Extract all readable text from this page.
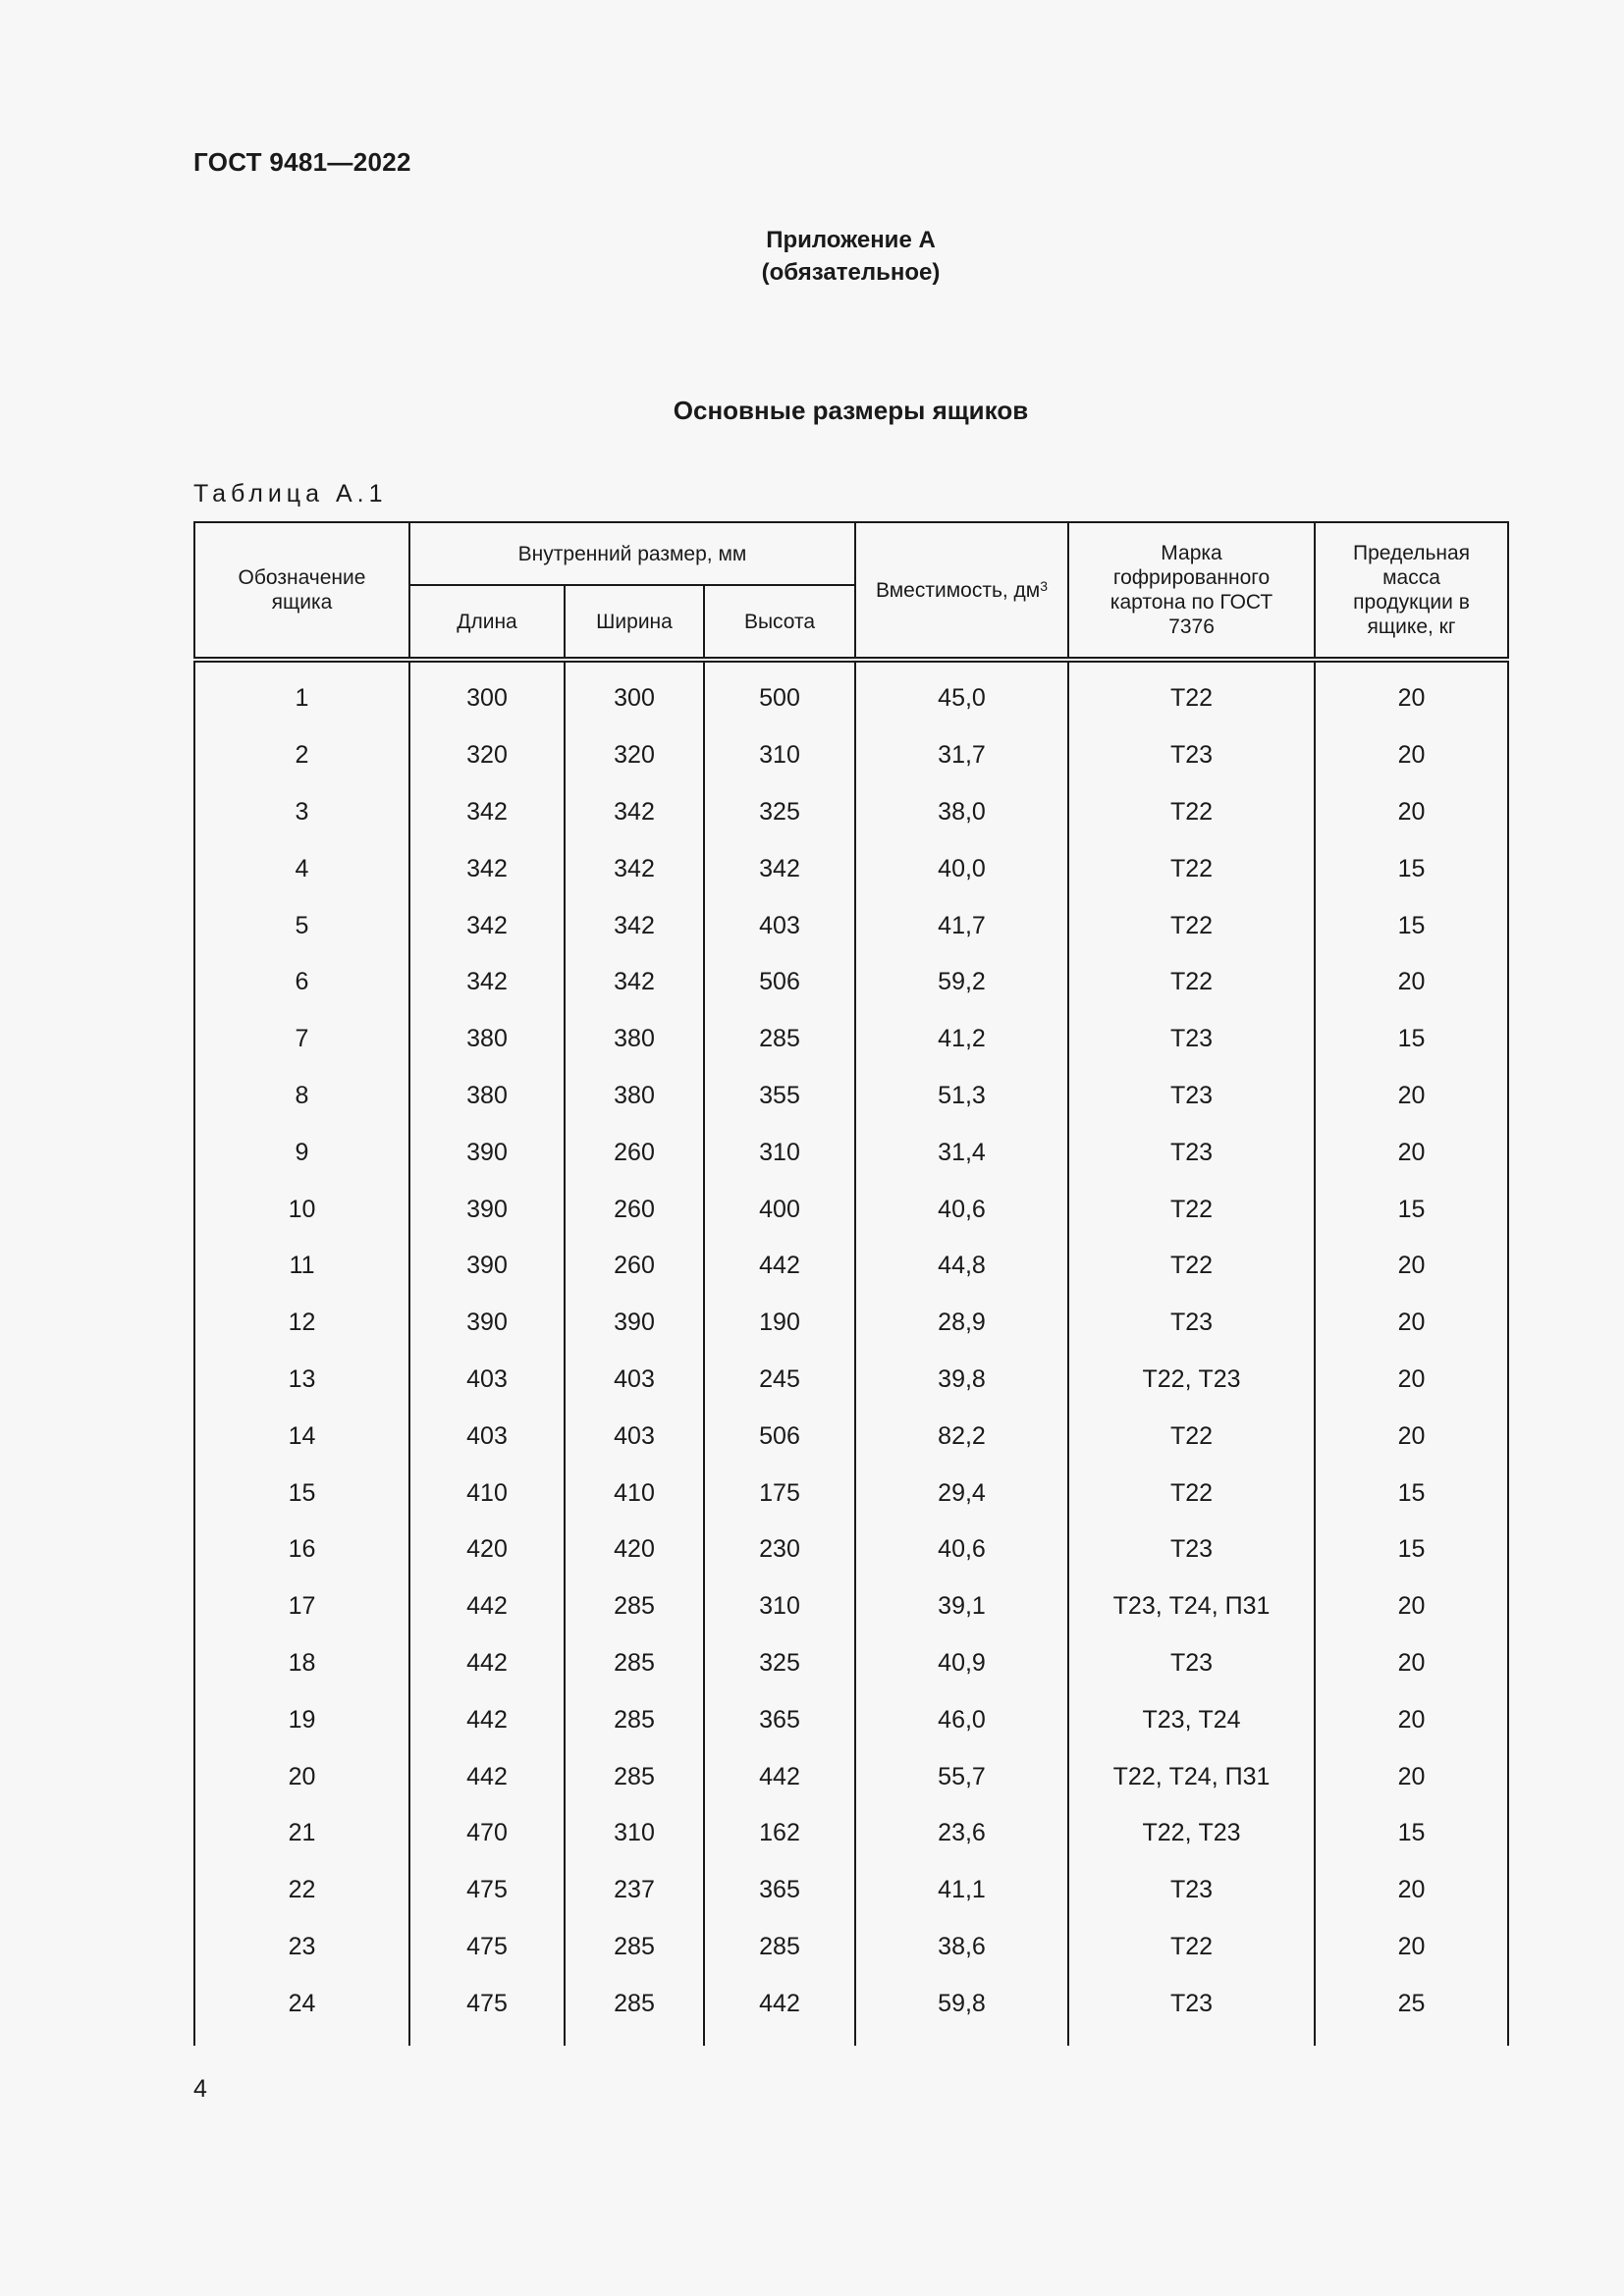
ГОСТ 9481—2022
Приложение А
(обязательное)
Основные размеры ящиков
Таблица А.1
Обозначение ящика	Внутренний размер, мм			Вместимость, $дм^3$	Марка гофрированного картона по ГОСТ 7376	Предельная масса продукции в ящике, кг
	Длина	Ширина	Высота			
1	300	300	500	45,0	Т22	20
2	320	320	310	31,7	Т23	20
3	342	342	325	38,0	Т22	20
4	342	342	342	40,0	Т22	15
5	342	342	403	41,7	Т22	15
6	342	342	506	59,2	Т22	20
7	380	380	285	41,2	Т23	15
8	380	380	355	51,3	Т23	20
9	390	260	310	31,4	Т23	20
10	390	260	400	40,6	Т22	15
11	390	260	442	44,8	Т22	20
12	390	390	190	28,9	Т23	20
13	403	403	245	39,8	Т22, Т23	20
14	403	403	506	82,2	Т22	20
15	410	410	175	29,4	Т22	15
16	420	420	230	40,6	Т23	15
17	442	285	310	39,1	Т23, Т24, П31	20
18	442	285	325	40,9	Т23	20
19	442	285	365	46,0	Т23, Т24	20
20	442	285	442	55,7	Т22, Т24, П31	20
21	470	310	162	23,6	Т22, Т23	15
22	475	237	365	41,1	Т23	20
23	475	285	285	38,6	Т22	20
24	475	285	442	59,8	Т23	25
4
